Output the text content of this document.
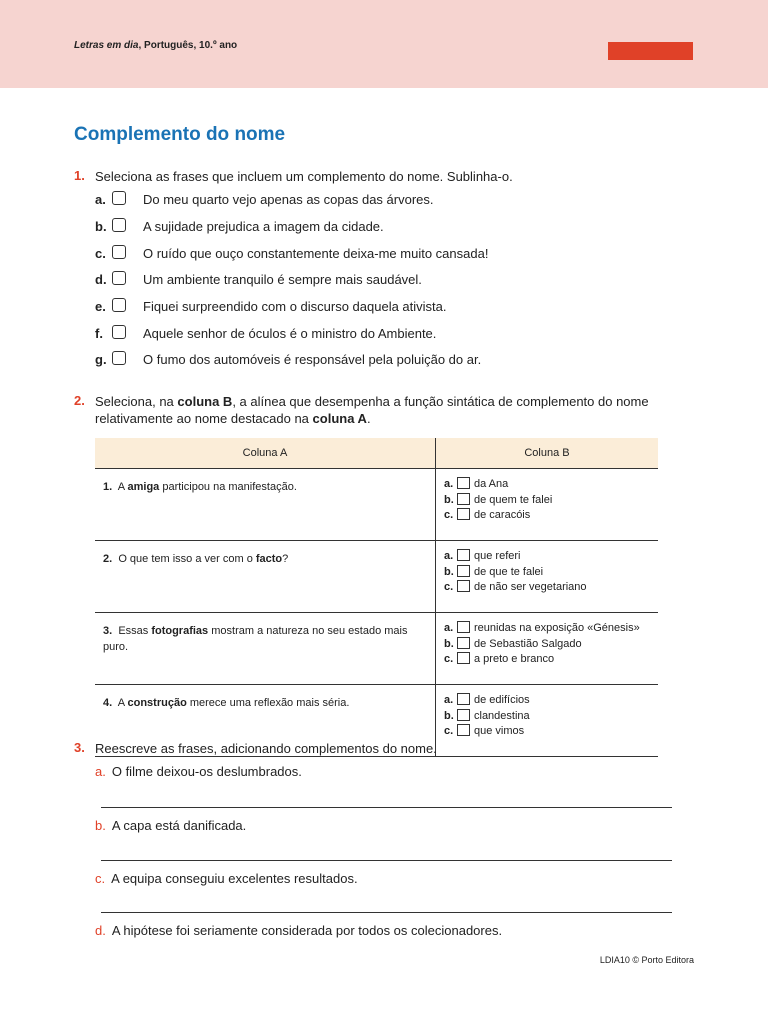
Letras em dia, Português, 10.º ano
Complemento do nome
1. Seleciona as frases que incluem um complemento do nome. Sublinha-o.
a.	Do meu quarto vejo apenas as copas das árvores.
b.	A sujidade prejudica a imagem da cidade.
c.	O ruído que ouço constantemente deixa-me muito cansada!
d.	Um ambiente tranquilo é sempre mais saudável.
e.	Fiquei surpreendido com o discurso daquela ativista.
f.	Aquele senhor de óculos é o ministro do Ambiente.
g.	O fumo dos automóveis é responsável pela poluição do ar.
2. Seleciona, na coluna B, a alínea que desempenha a função sintática de complemento do nome relativamente ao nome destacado na coluna A.
Coluna A	Coluna B
1. A amiga participou na manifestação.	a. da Ana
b. de quem te falei
c. de caracóis

2. O que tem isso a ver com o facto?	a. que referi
b. de que te falei
c. de não ser vegetariano

3. Essas fotografias mostram a natureza no seu estado mais puro.	a. reunidas na exposição «Génesis»
b. de Sebastião Salgado
c. a preto e branco

4. A construção merece uma reflexão mais séria.	a. de edifícios
b. clandestina
c. que vimos
3. Reescreve as frases, adicionando complementos do nome.
a. O filme deixou-os deslumbrados.
b. A capa está danificada.
c. A equipa conseguiu excelentes resultados.
d. A hipótese foi seriamente considerada por todos os colecionadores.
LDIA10 © Porto Editora
